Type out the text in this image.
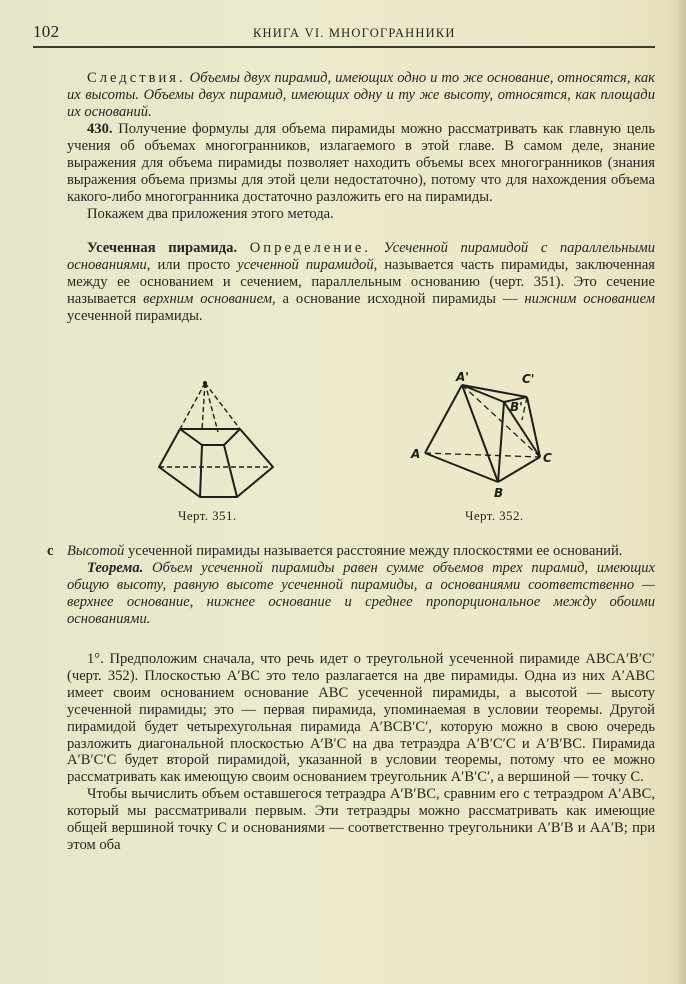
102	КНИГА VI. МНОГОГРАННИКИ

Следствия. Объемы двух пирамид, имеющих одно и то же основание, относятся, как их высоты. Объемы двух пирамид, имеющих одну и ту же высоту, относятся, как площади их оснований.

430. Получение формулы для объема пирамиды можно рассматривать как главную цель учения об объемах многогранников, излагаемого в этой главе. В самом деле, знание выражения для объема пирамиды позволяет находить объемы всех многогранников (знания выражения объема призмы для этой цели недостаточно), потому что для нахождения объема какого-либо многогранника достаточно разложить его на пирамиды.

Покажем два приложения этого метода.

Усеченная пирамида. Определение. Усеченной пирамидой с параллельными основаниями, или просто усеченной пирамидой, называется часть пирамиды, заключенная между ее основанием и сечением, параллельным основанию (черт. 351). Это сечение называется верхним основанием, а основание исходной пирамиды — нижним основанием усеченной пирамиды.

Черт. 351.
A'	C'
B'
A	C
B
Черт. 352.
с Высотой усеченной пирамиды называется расстояние между плоскостями ее оснований.

Теорема. Объем усеченной пирамиды равен сумме объемов трех пирамид, имеющих общую высоту, равную высоте усеченной пирамиды, а основаниями соответственно — верхнее основание, нижнее основание и среднее пропорциональное между обоими основаниями.

1°. Предположим сначала, что речь идет о треугольной усеченной пирамиде ABCA′B′C′ (черт. 352). Плоскостью A′BC это тело разлагается на две пирамиды. Одна из них A′ABC имеет своим основанием основание ABC усеченной пирамиды, а высотой — высоту усеченной пирамиды; это — первая пирамида, упоминаемая в условии теоремы. Другой пирамидой будет четырехугольная пирамида A′BCB′C′, которую можно в свою очередь разложить диагональной плоскостью A′B′C на два тетраэдра A′B′C′C и A′B′BC. Пирамида A′B′C′C будет второй пирамидой, указанной в условии теоремы, потому что ее можно рассматривать как имеющую своим основанием треугольник A′B′C′, а вершиной — точку C.

Чтобы вычислить объем оставшегося тетраэдра A′B′BC, сравним его с тетраэдром A′ABC, который мы рассматривали первым. Эти тетраэдры можно рассматривать как имеющие общей вершиной точку C и основаниями — соответственно треугольники A′B′B и AA′B; при этом оба
